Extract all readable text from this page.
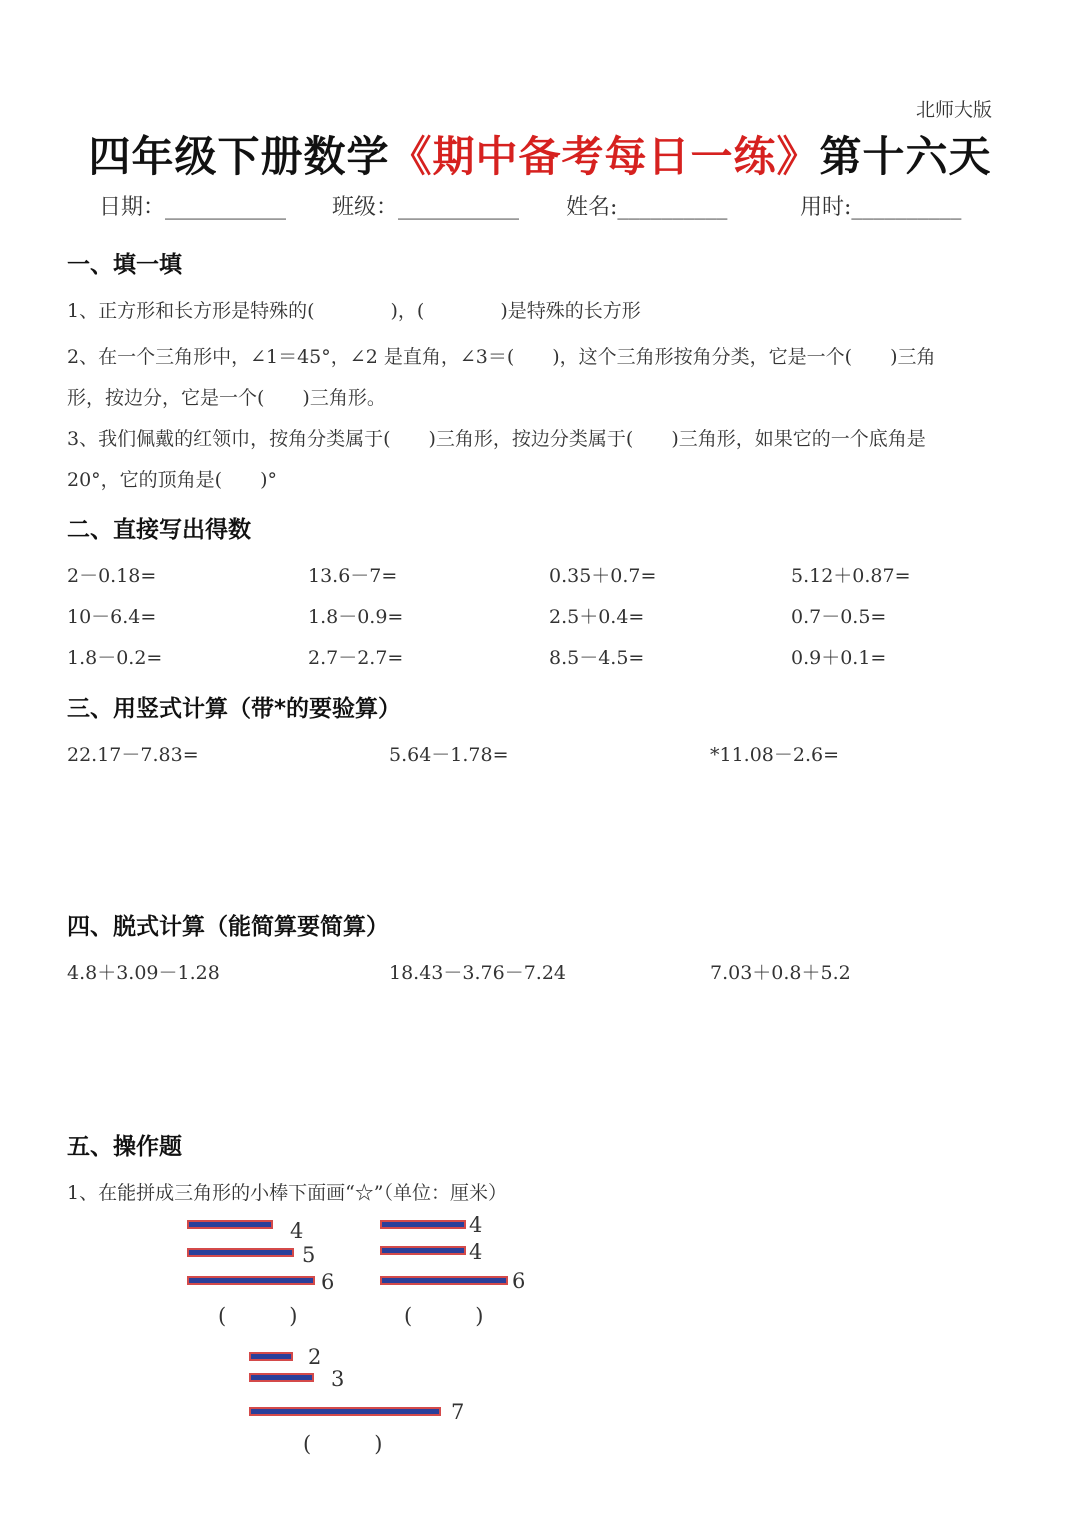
北师大版
四年级下册数学《期中备考每日一练》第十六天
日期：___________ 班级：___________ 姓名:__________	用时:__________
一、填一填
1、正方形和长方形是特殊的(　　　　)，(　　　　)是特殊的长方形
2、在一个三角形中，∠1＝45°，∠2 是直角，∠3＝(　　)，这个三角形按角分类，它是一个(　　)三角
形，按边分，它是一个(　　)三角形。
3、我们佩戴的红领巾，按角分类属于(　　)三角形，按边分类属于(　　)三角形，如果它的一个底角是
20°，它的顶角是(　　)°
二、直接写出得数
2－0.18=	13.6－7=	0.35＋0.7=	5.12＋0.87=
10－6.4=	1.8－0.9=	2.5＋0.4=	0.7－0.5=
1.8－0.2=	2.7－2.7=	8.5－4.5=	0.9＋0.1=
三、用竖式计算（带*的要验算）
22.17－7.83=	5.64－1.78=	*11.08－2.6=
四、脱式计算（能简算要简算）
4.8＋3.09－1.28	18.43－3.76－7.24	7.03＋0.8＋5.2
五、操作题
1、在能拼成三角形的小棒下面画“☆”（单位：厘米）
4
5
6
(　　　)
4
4
6
(　　　)
2
3
7
(　　　)
